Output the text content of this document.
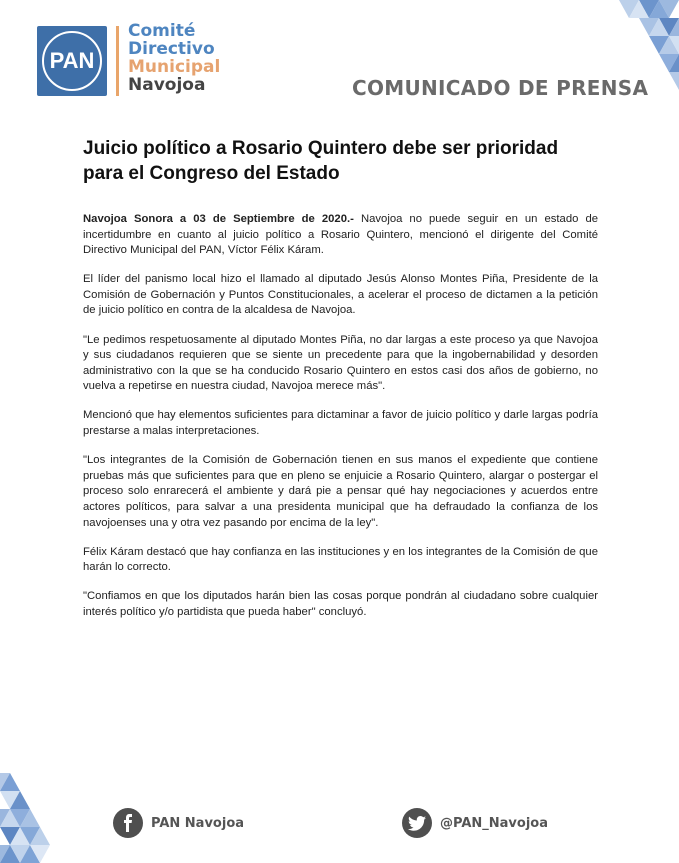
PAN
Comité
Directivo
Municipal
Navojoa	COMUNICADO DE PRENSA
Juicio político a Rosario Quintero debe ser prioridad para el Congreso del Estado

Navojoa Sonora a 03 de Septiembre de 2020.- Navojoa no puede seguir en un estado de incertidumbre en cuanto al juicio político a Rosario Quintero, mencionó el dirigente del Comité Directivo Municipal del PAN, Víctor Félix Káram.

El líder del panismo local hizo el llamado al diputado Jesús Alonso Montes Piña, Presidente de la Comisión de Gobernación y Puntos Constitucionales, a acelerar el proceso de dictamen a la petición de juicio político en contra de la alcaldesa de Navojoa.

"Le pedimos respetuosamente al diputado Montes Piña, no dar largas a este proceso ya que Navojoa y sus ciudadanos requieren que se siente un precedente para que la ingobernabilidad y desorden administrativo con la que se ha conducido Rosario Quintero en estos casi dos años de gobierno, no vuelva a repetirse en nuestra ciudad, Navojoa merece más".

Mencionó que hay elementos suficientes para dictaminar a favor de juicio político y darle largas podría prestarse a malas interpretaciones.

"Los integrantes de la Comisión de Gobernación tienen en sus manos el expediente que contiene pruebas más que suficientes para que en pleno se enjuicie a Rosario Quintero, alargar o postergar el proceso solo enrarecerá el ambiente y dará pie a pensar qué hay negociaciones y acuerdos entre actores políticos, para salvar a una presidenta municipal que ha defraudado la confianza de los navojoenses una y otra vez pasando por encima de la ley".

Félix Káram destacó que hay confianza en las instituciones y en los integrantes de la Comisión de que harán lo correcto.

"Confiamos en que los diputados harán bien las cosas porque pondrán al ciudadano sobre cualquier interés político y/o partidista que pueda haber" concluyó.

PAN Navojoa	@PAN_Navojoa
